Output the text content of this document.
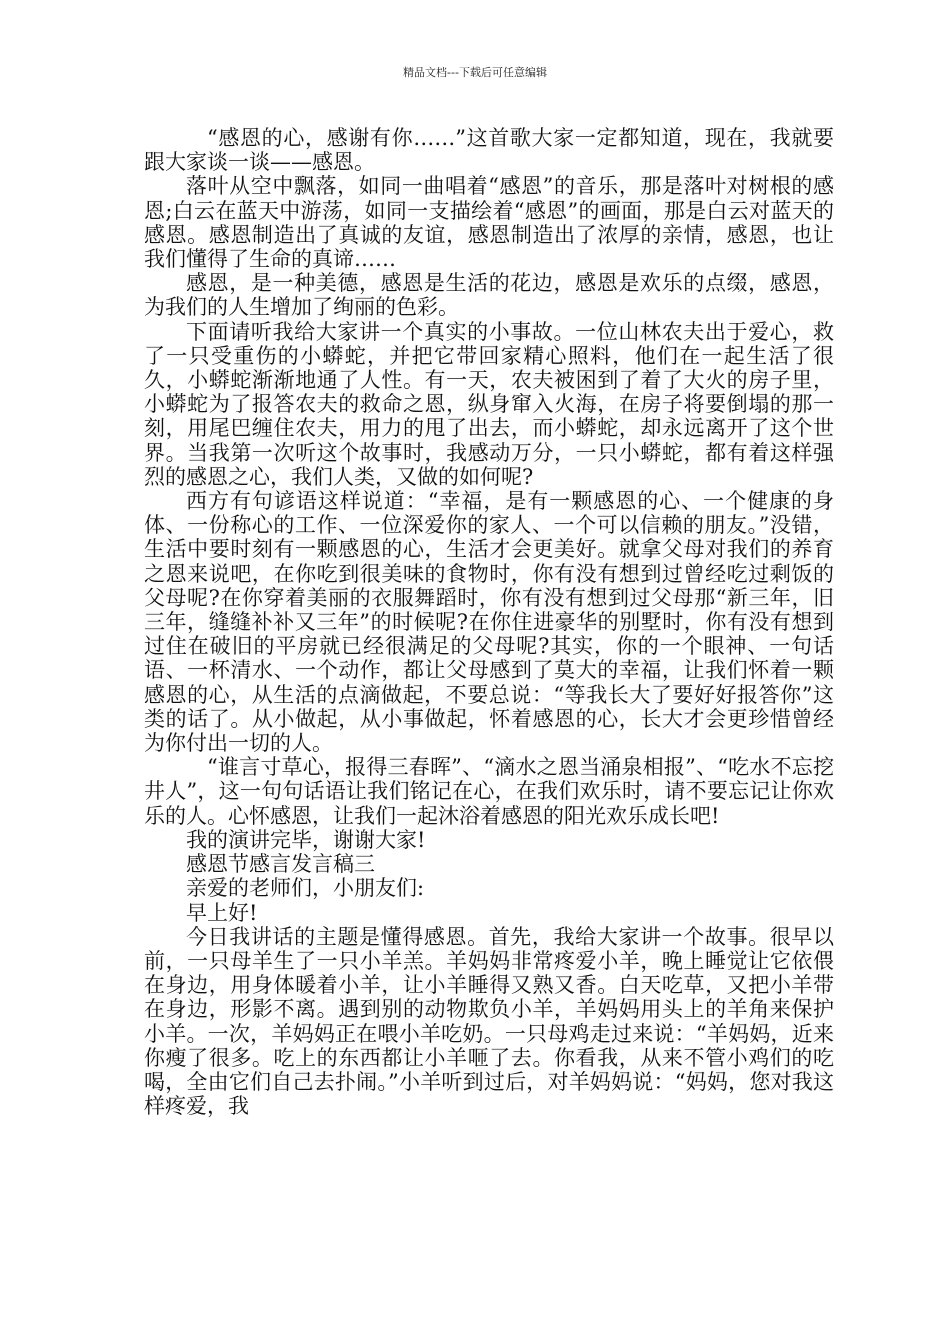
精品文档---下载后可任意编辑

“感恩的心，感谢有你……”这首歌大家一定都知道，现在，我就要跟大家谈一谈——感恩。

落叶从空中飘落，如同一曲唱着“感恩”的音乐，那是落叶对树根的感恩;白云在蓝天中游荡，如同一支描绘着“感恩”的画面，那是白云对蓝天的感恩。感恩制造出了真诚的友谊，感恩制造出了浓厚的亲情，感恩，也让我们懂得了生命的真谛……

感恩，是一种美德，感恩是生活的花边，感恩是欢乐的点缀，感恩，为我们的人生增加了绚丽的色彩。

下面请听我给大家讲一个真实的小事故。一位山林农夫出于爱心，救了一只受重伤的小蟒蛇，并把它带回家精心照料，他们在一起生活了很久，小蟒蛇渐渐地通了人性。有一天，农夫被困到了着了大火的房子里，小蟒蛇为了报答农夫的救命之恩，纵身窜入火海，在房子将要倒塌的那一刻，用尾巴缠住农夫，用力的甩了出去，而小蟒蛇，却永远离开了这个世界。当我第一次听这个故事时，我感动万分，一只小蟒蛇，都有着这样强烈的感恩之心，我们人类，又做的如何呢?

西方有句谚语这样说道：“幸福，是有一颗感恩的心、一个健康的身体、一份称心的工作、一位深爱你的家人、一个可以信赖的朋友。”没错，生活中要时刻有一颗感恩的心，生活才会更美好。就拿父母对我们的养育之恩来说吧，在你吃到很美味的食物时，你有没有想到过曾经吃过剩饭的父母呢?在你穿着美丽的衣服舞蹈时，你有没有想到过父母那“新三年，旧三年，缝缝补补又三年”的时候呢?在你住进豪华的别墅时，你有没有想到过住在破旧的平房就已经很满足的父母呢?其实，你的一个眼神、一句话语、一杯清水、一个动作，都让父母感到了莫大的幸福，让我们怀着一颗感恩的心，从生活的点滴做起，不要总说：“等我长大了要好好报答你”这类的话了。从小做起，从小事做起，怀着感恩的心，长大才会更珍惜曾经为你付出一切的人。

“谁言寸草心，报得三春晖”、“滴水之恩当涌泉相报”、“吃水不忘挖井人”，这一句句话语让我们铭记在心，在我们欢乐时，请不要忘记让你欢乐的人。心怀感恩，让我们一起沐浴着感恩的阳光欢乐成长吧!

我的演讲完毕，谢谢大家!

感恩节感言发言稿三

亲爱的老师们，小朋友们:

早上好!

今日我讲话的主题是懂得感恩。首先，我给大家讲一个故事。很早以前，一只母羊生了一只小羊羔。羊妈妈非常疼爱小羊，晚上睡觉让它依偎在身边，用身体暖着小羊，让小羊睡得又熟又香。白天吃草，又把小羊带在身边，形影不离。遇到别的动物欺负小羊，羊妈妈用头上的羊角来保护小羊。一次，羊妈妈正在喂小羊吃奶。一只母鸡走过来说：“羊妈妈，近来你瘦了很多。吃上的东西都让小羊咂了去。你看我，从来不管小鸡们的吃喝，全由它们自己去扑闹。”小羊听到过后，对羊妈妈说：“妈妈，您对我这样疼爱，我
